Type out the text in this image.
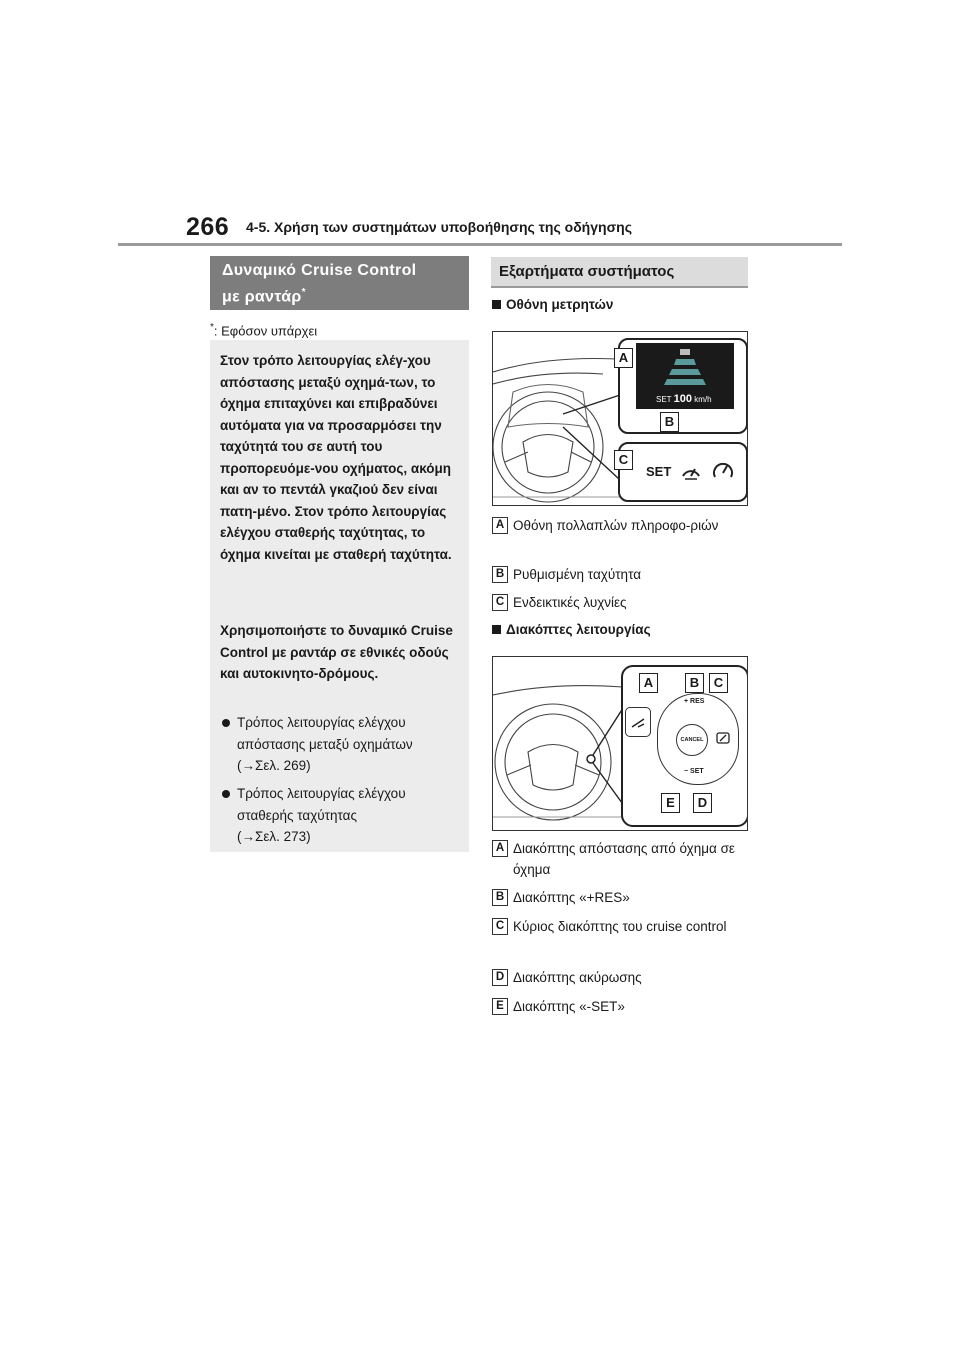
266 4-5. Χρήση των συστημάτων υποβοήθησης της οδήγησης
Δυναμικό Cruise Control
με ραντάρ*
*: Εφόσον υπάρχει

Στον τρόπο λειτουργίας ελέγ-χου απόστασης μεταξύ οχημά-των, το όχημα επιταχύνει και επιβραδύνει αυτόματα για να προσαρμόσει την ταχύτητά του σε αυτή του προπορευόμε-νου οχήματος, ακόμη και αν το πεντάλ γκαζιού δεν είναι πατη-μένο. Στον τρόπο λειτουργίας ελέγχου σταθερής ταχύτητας, το όχημα κινείται με σταθερή ταχύτητα.

Χρησιμοποιήστε το δυναμικό Cruise Control με ραντάρ σε εθνικές οδούς και αυτοκινητο-δρόμους.

Τρόπος λειτουργίας ελέγχου απόστασης μεταξύ οχημάτων
(→Σελ. 269)
Τρόπος λειτουργίας ελέγχου σταθερής ταχύτητας
(→Σελ. 273)
Εξαρτήματα συστήματος
Οθόνη μετρητών
SET 100 km/h
A
B
C
SET
A Οθόνη πολλαπλών πληροφο-ριών
B Ρυθμισμένη ταχύτητα
C Ενδεικτικές λυχνίες
Διακόπτες λειτουργίας
A	B	C
+ RES
CANCEL
− SET
E	D
A Διακόπτης απόστασης από όχημα σε όχημα
B Διακόπτης «+RES»
C Κύριος διακόπτης του cruise control
D Διακόπτης ακύρωσης
E Διακόπτης «-SET»
